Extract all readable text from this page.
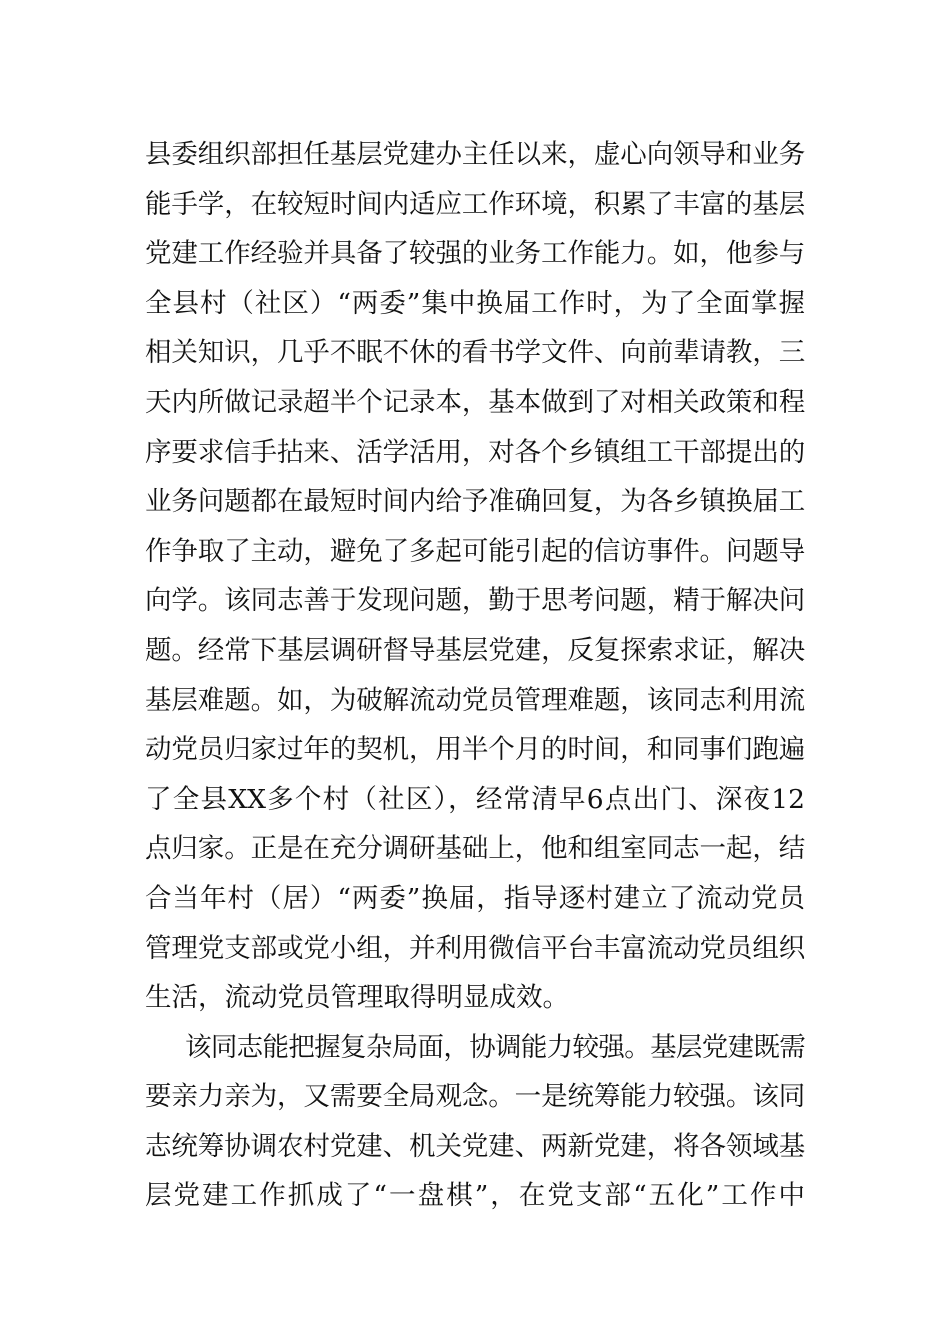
县委组织部担任基层党建办主任以来，虚心向领导和业务
能手学，在较短时间内适应工作环境，积累了丰富的基层
党建工作经验并具备了较强的业务工作能力。如，他参与
全县村（社区）“两委”集中换届工作时，为了全面掌握
相关知识，几乎不眠不休的看书学文件、向前辈请教，三
天内所做记录超半个记录本，基本做到了对相关政策和程
序要求信手拈来、活学活用，对各个乡镇组工干部提出的
业务问题都在最短时间内给予准确回复，为各乡镇换届工
作争取了主动，避免了多起可能引起的信访事件。问题导
向学。该同志善于发现问题，勤于思考问题，精于解决问
题。经常下基层调研督导基层党建，反复探索求证，解决
基层难题。如，为破解流动党员管理难题，该同志利用流
动党员归家过年的契机，用半个月的时间，和同事们跑遍
了全县XX多个村（社区），经常清早6点出门、深夜12
点归家。正是在充分调研基础上，他和组室同志一起，结
合当年村（居）“两委”换届，指导逐村建立了流动党员
管理党支部或党小组，并利用微信平台丰富流动党员组织
生活，流动党员管理取得明显成效。
该同志能把握复杂局面，协调能力较强。基层党建既需
要亲力亲为，又需要全局观念。一是统筹能力较强。该同
志统筹协调农村党建、机关党建、两新党建，将各领域基
层党建工作抓成了“一盘棋”，在党支部“五化”工作中
